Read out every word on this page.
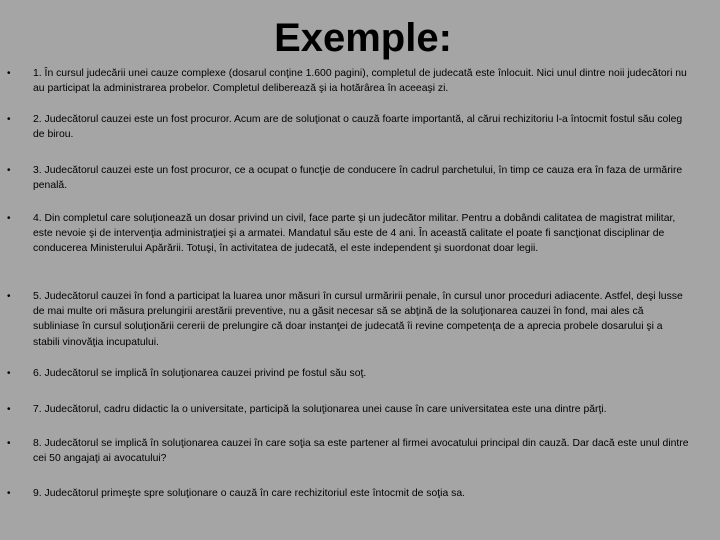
Exemple:
• 1. În cursul judecării unei cauze complexe (dosarul conţine 1.600 pagini), completul de judecată este înlocuit. Nici unul dintre noii judecători nu au participat la administrarea probelor. Completul deliberează şi ia hotărârea în aceeaşi zi.

• 2. Judecătorul cauzei este un fost procuror. Acum are de soluţionat o cauză foarte importantă, al cărui rechizitoriu l-a întocmit fostul său coleg de birou.

• 3. Judecătorul cauzei este un fost procuror, ce a ocupat o funcţie de conducere în cadrul parchetului, în timp ce cauza era în faza de urmărire penală.

• 4. Din completul care soluţionează un dosar privind un civil, face parte şi un judecător militar. Pentru a dobândi calitatea de magistrat militar, este nevoie şi de intervenţia administraţiei şi a armatei. Mandatul său este de 4 ani. În această calitate el poate fi sancţionat disciplinar de conducerea Ministerului Apărării. Totuşi, în activitatea de judecată, el este independent şi suordonat doar legii.

• 5. Judecătorul cauzei în fond a participat la luarea unor măsuri în cursul urmăririi penale, în cursul unor proceduri adiacente. Astfel, deşi lusse de mai multe ori măsura prelungirii arestării preventive, nu a găsit necesar să se abţină de la soluţionarea cauzei în fond, mai ales că subliniase în cursul soluţionării cererii de prelungire că doar instanţei de judecată îi revine competenţa de a aprecia probele dosarului şi a stabili vinovăţia incupatului.

• 6. Judecătorul se implică în soluţionarea cauzei privind pe fostul său soţ.

• 7. Judecătorul, cadru didactic la o universitate, participă la soluţionarea unei cause în care universitatea este una dintre părţi.

• 8. Judecătorul se implică în soluţionarea cauzei în care soţia sa este partener al firmei avocatului principal din cauză. Dar dacă este unul dintre cei 50 angajaţi ai avocatului?

• 9. Judecătorul primeşte spre soluţionare o cauză în care rechizitoriul este întocmit de soţia sa.
